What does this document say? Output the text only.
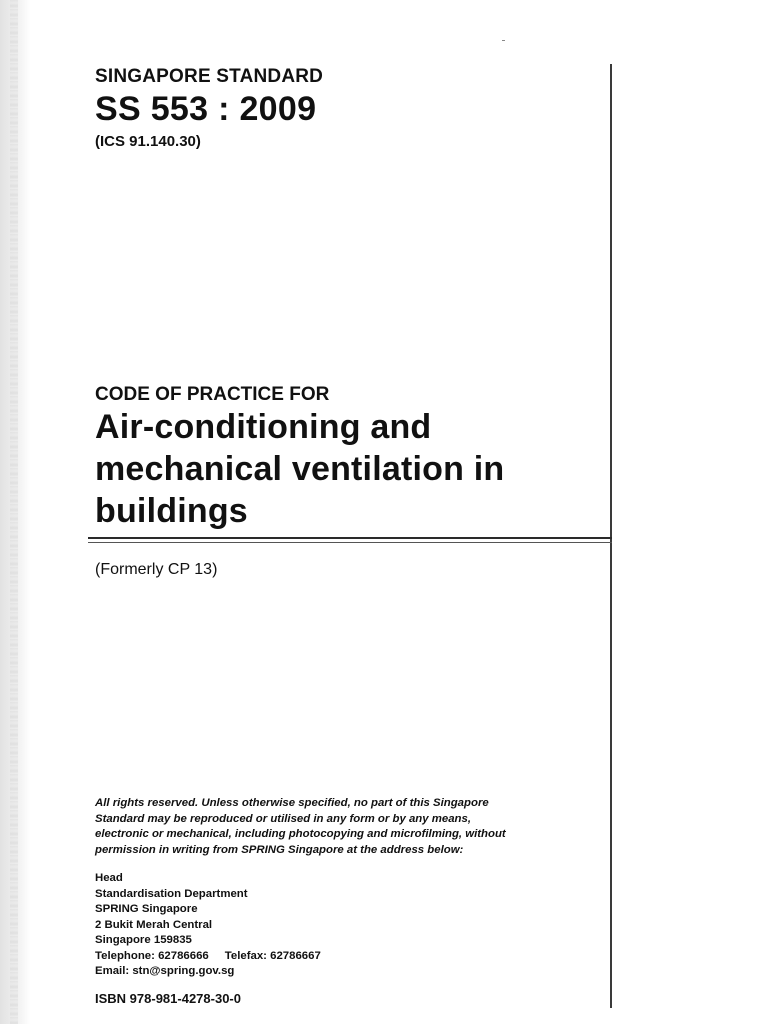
SINGAPORE STANDARD

SS 553 : 2009

(ICS 91.140.30)

CODE OF PRACTICE FOR

Air-conditioning and
mechanical ventilation in
buildings

(Formerly CP 13)

All rights reserved. Unless otherwise specified, no part of this Singapore
Standard may be reproduced or utilised in any form or by any means,
electronic or mechanical, including photocopying and microfilming, without
permission in writing from SPRING Singapore at the address below:
Head
Standardisation Department
SPRING Singapore
2 Bukit Merah Central
Singapore 159835
Telephone: 62786666 Telefax: 62786667
Email: stn@spring.gov.sg

ISBN 978-981-4278-30-0
